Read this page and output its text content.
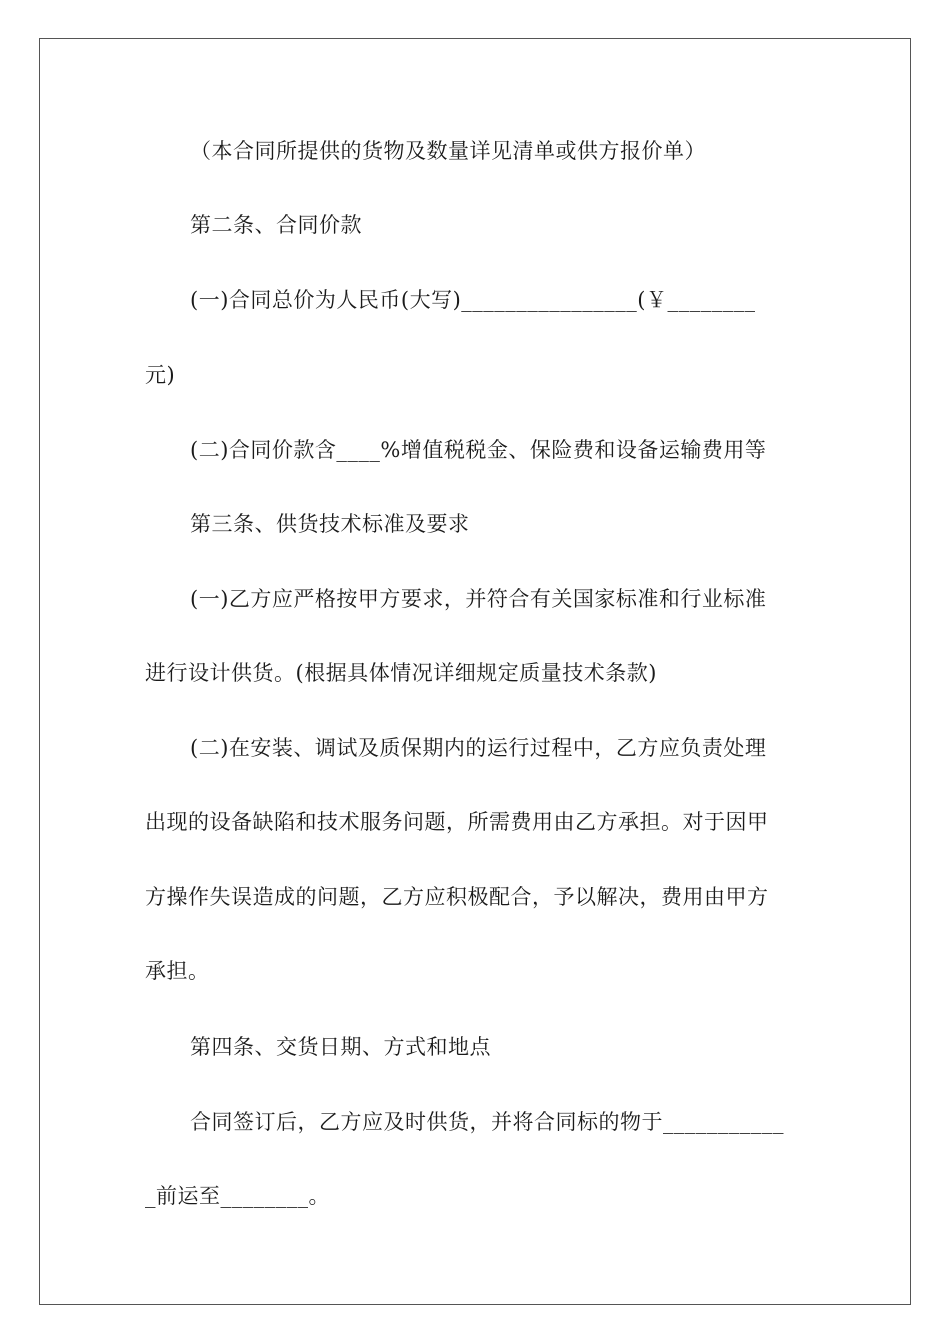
（本合同所提供的货物及数量详见清单或供方报价单）
第二条、合同价款
(一)合同总价为人民币(大写)________________(￥________
元)
(二)合同价款含____%增值税税金、保险费和设备运输费用等
第三条、供货技术标准及要求
(一)乙方应严格按甲方要求，并符合有关国家标准和行业标准
进行设计供货。(根据具体情况详细规定质量技术条款)
(二)在安装、调试及质保期内的运行过程中，乙方应负责处理
出现的设备缺陷和技术服务问题，所需费用由乙方承担。对于因甲
方操作失误造成的问题，乙方应积极配合，予以解决，费用由甲方
承担。
第四条、交货日期、方式和地点
合同签订后，乙方应及时供货，并将合同标的物于___________
_前运至________。
